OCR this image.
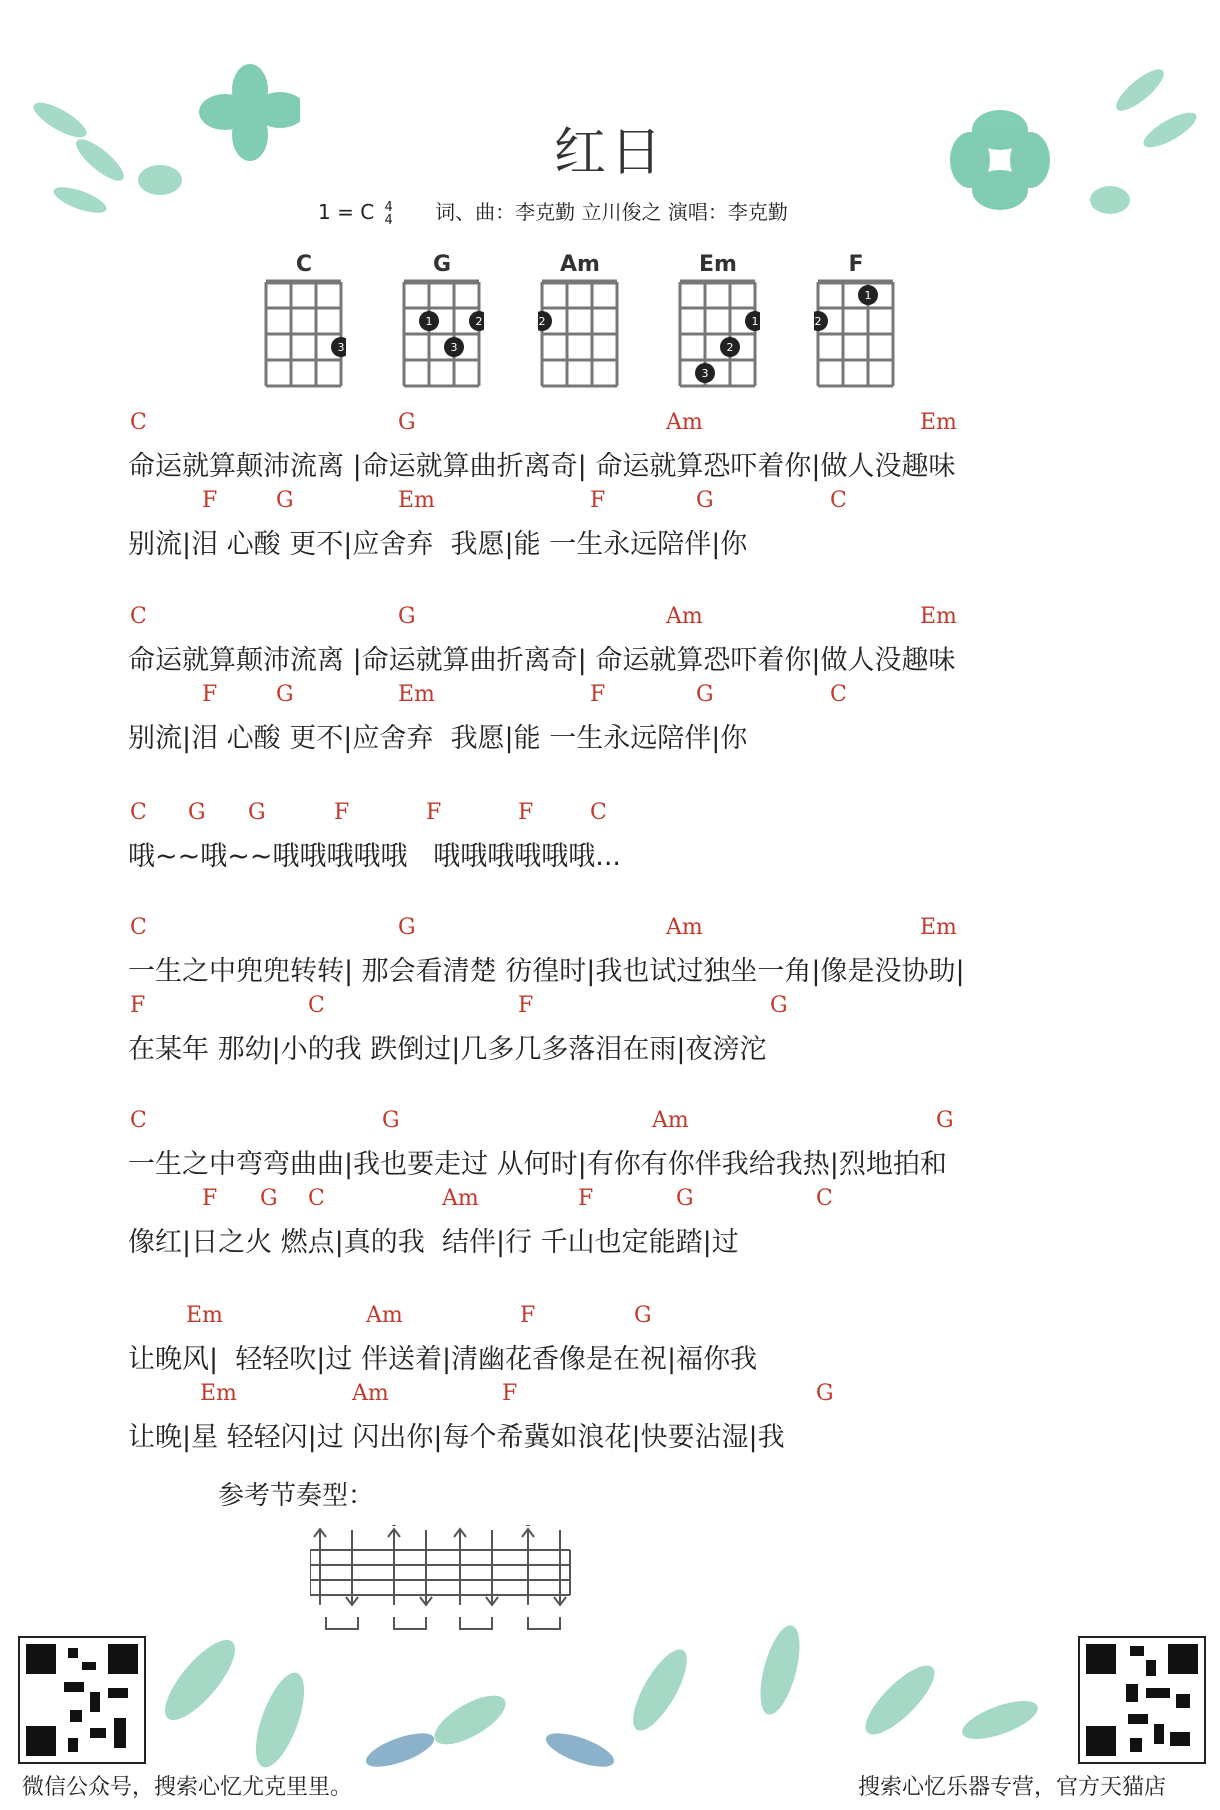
红日
1 = C 4
4 词、曲：李克勤 立川俊之 演唱：李克勤
C
3
G
1	2
3
Am
2
Em
1
2
3
F
1
2
C	G	Am	Em
命运就算颠沛流离 |命运就算曲折离奇| 命运就算恐吓着你|做人没趣味
F	G	Em	F	G	C
别流|泪 心酸 更不|应舍弃  我愿|能 一生永远陪伴|你
C	G	Am	Em
命运就算颠沛流离 |命运就算曲折离奇| 命运就算恐吓着你|做人没趣味
F	G	Em	F	G	C
别流|泪 心酸 更不|应舍弃  我愿|能 一生永远陪伴|你
C G G	F	F	F	C
哦~~哦~~哦哦哦哦哦   哦哦哦哦哦哦...
C	G	Am	Em
一生之中兜兜转转| 那会看清楚 彷徨时|我也试过独坐一角|像是没协助|
F	C	F	G
在某年 那幼|小的我 跌倒过|几多几多落泪在雨|夜滂沱
C	G	Am	G
一生之中弯弯曲曲|我也要走过 从何时|有你有你伴我给我热|烈地拍和
F G C	Am	F	G	C
像红|日之火 燃点|真的我  结伴|行 千山也定能踏|过
Em	Am	F	G
让晚风|  轻轻吹|过 伴送着|清幽花香像是在祝|福你我
Em	Am	F	G
让晚|星 轻轻闪|过 闪出你|每个希冀如浪花|快要沾湿|我
参考节奏型：
微信公众号，搜索心忆尤克里里。	搜索心忆乐器专营，官方天猫店
